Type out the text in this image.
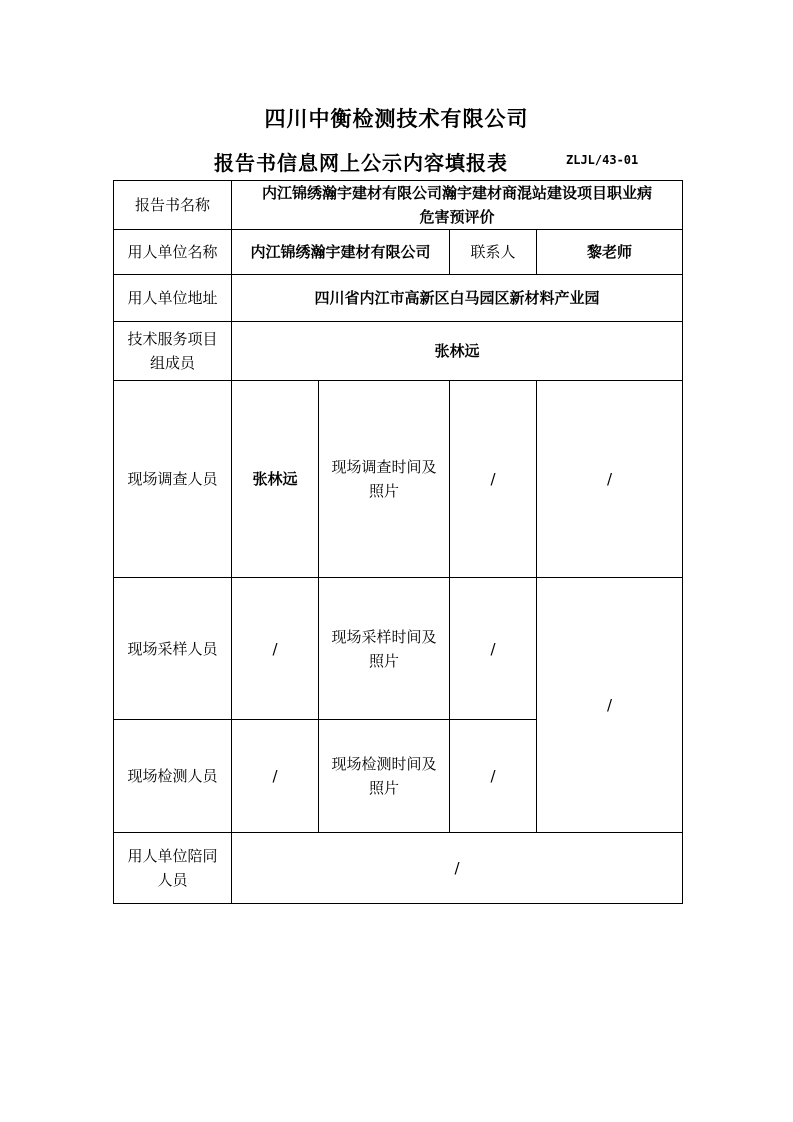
四川中衡检测技术有限公司
报告书信息网上公示内容填报表	ZLJL/43-01
报告书名称	内江锦绣瀚宇建材有限公司瀚宇建材商混站建设项目职业病危害预评价			
用人单位名称	内江锦绣瀚宇建材有限公司		联系人	黎老师
用人单位地址	四川省内江市高新区白马园区新材料产业园			
技术服务项目组成员	张林远			
现场调查人员	张林远	现场调查时间及照片	/	/
现场采样人员	/	现场采样时间及照片	/	/
现场检测人员	/	现场检测时间及照片	/	
用人单位陪同人员	/			
